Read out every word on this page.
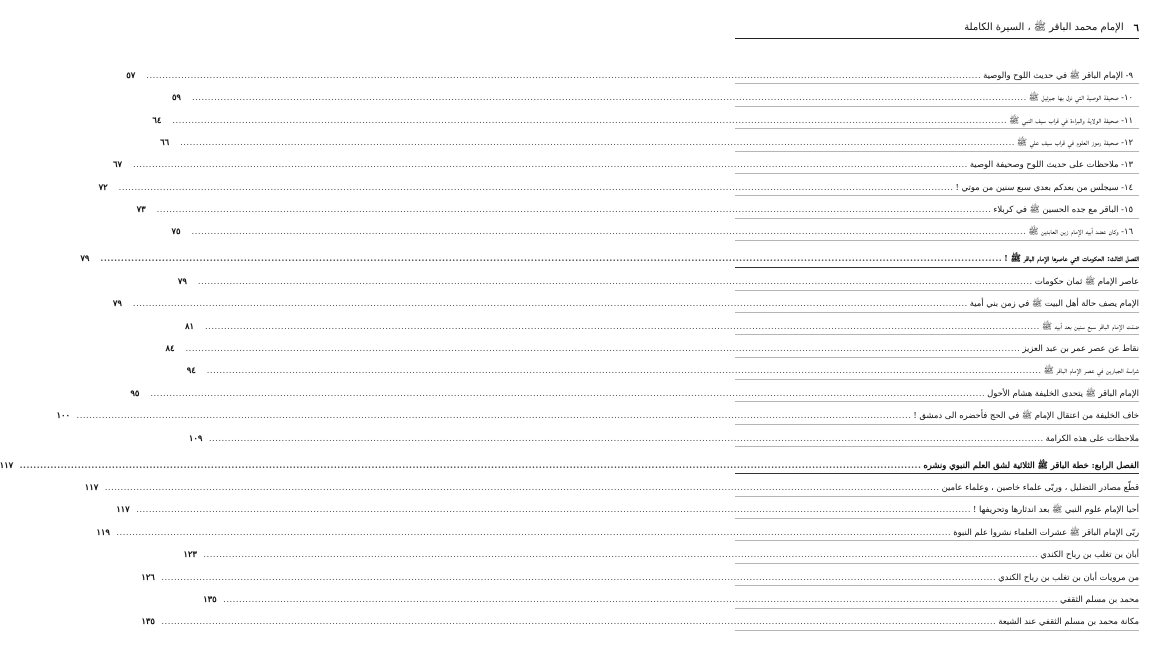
٦
الإمام محمد الباقر ﷺ ، السيرة الكاملة
٩- الإمام الباقر ﷺ في حديث اللوح والوصية
.....
٥٧
١٠- صحيفة الوصية التي نزل بها جبرئيل ﷺ
.....
٥٩
١١- صحيفة الولاية والبراءة في قراب سيف النبي ﷺ
.....
٦٤
١٢- صحيفة رموز العلوم في قراب سيف علي ﷺ
.....
٦٦
١٣- ملاحظات على حديث اللوح وصحيفة الوصية
.....
٦٧
١٤- سيجلس من بعدكم بعدي سبع سنين من موتي !
.....
٧٢
١٥- الباقر مع جده الحسين ﷺ في كربلاء
.....
٧٣
١٦- وكان عضد أبيه الإمام زين العابدين ﷺ
.....
٧٥
الفصل الثالث: الحكومات التي عاصرها الإمام الباقر ﷺ !
.....
٧٩
عاصر الإمام ﷺ ثمان حكومات
.....
٧٩
الإمام يصف حالة أهل البيت ﷺ في زمن بني أمية
.....
٧٩
ضمّت الإمام الباقر سبع سنين بعد أبيه ﷺ
.....
٨١
نقاط عن عصر عمر بن عبد العزيز
.....
٨٤
شراسة الجبارين في عصر الإمام الباقر ﷺ
.....
٩٤
الإمام الباقر ﷺ يتحدى الخليفة هشام الأحول
.....
٩٥
خاف الخليفة من اعتقال الإمام ﷺ في الحج فأحضره الى دمشق !
.....
١٠٠
ملاحظات على هذه الكرامة
.....
١٠٩
الفصل الرابع: خطة الباقر ﷺ الثلاثية لشق العلم النبوي ونشره
.....
١١٧
قطّع مصادر التضليل ، وربّى علماء خاصين ، وعلماء عامين
.....
١١٧
أحيا الإمام علوم النبي ﷺ بعد اندثارها وتحريفها !
.....
١١٧
ربّى الإمام الباقر ﷺ عشرات العلماء نشروا علم النبوة
.....
١١٩
أبان بن تغلب بن رباح الكندي
.....
١٢٣
من مرويات أبان بن تغلب بن رباح الكندي
.....
١٢٦
محمد بن مسلم الثقفي
.....
١٣٥
مكانة محمد بن مسلم الثقفي عند الشيعة
.....
١٣٥
